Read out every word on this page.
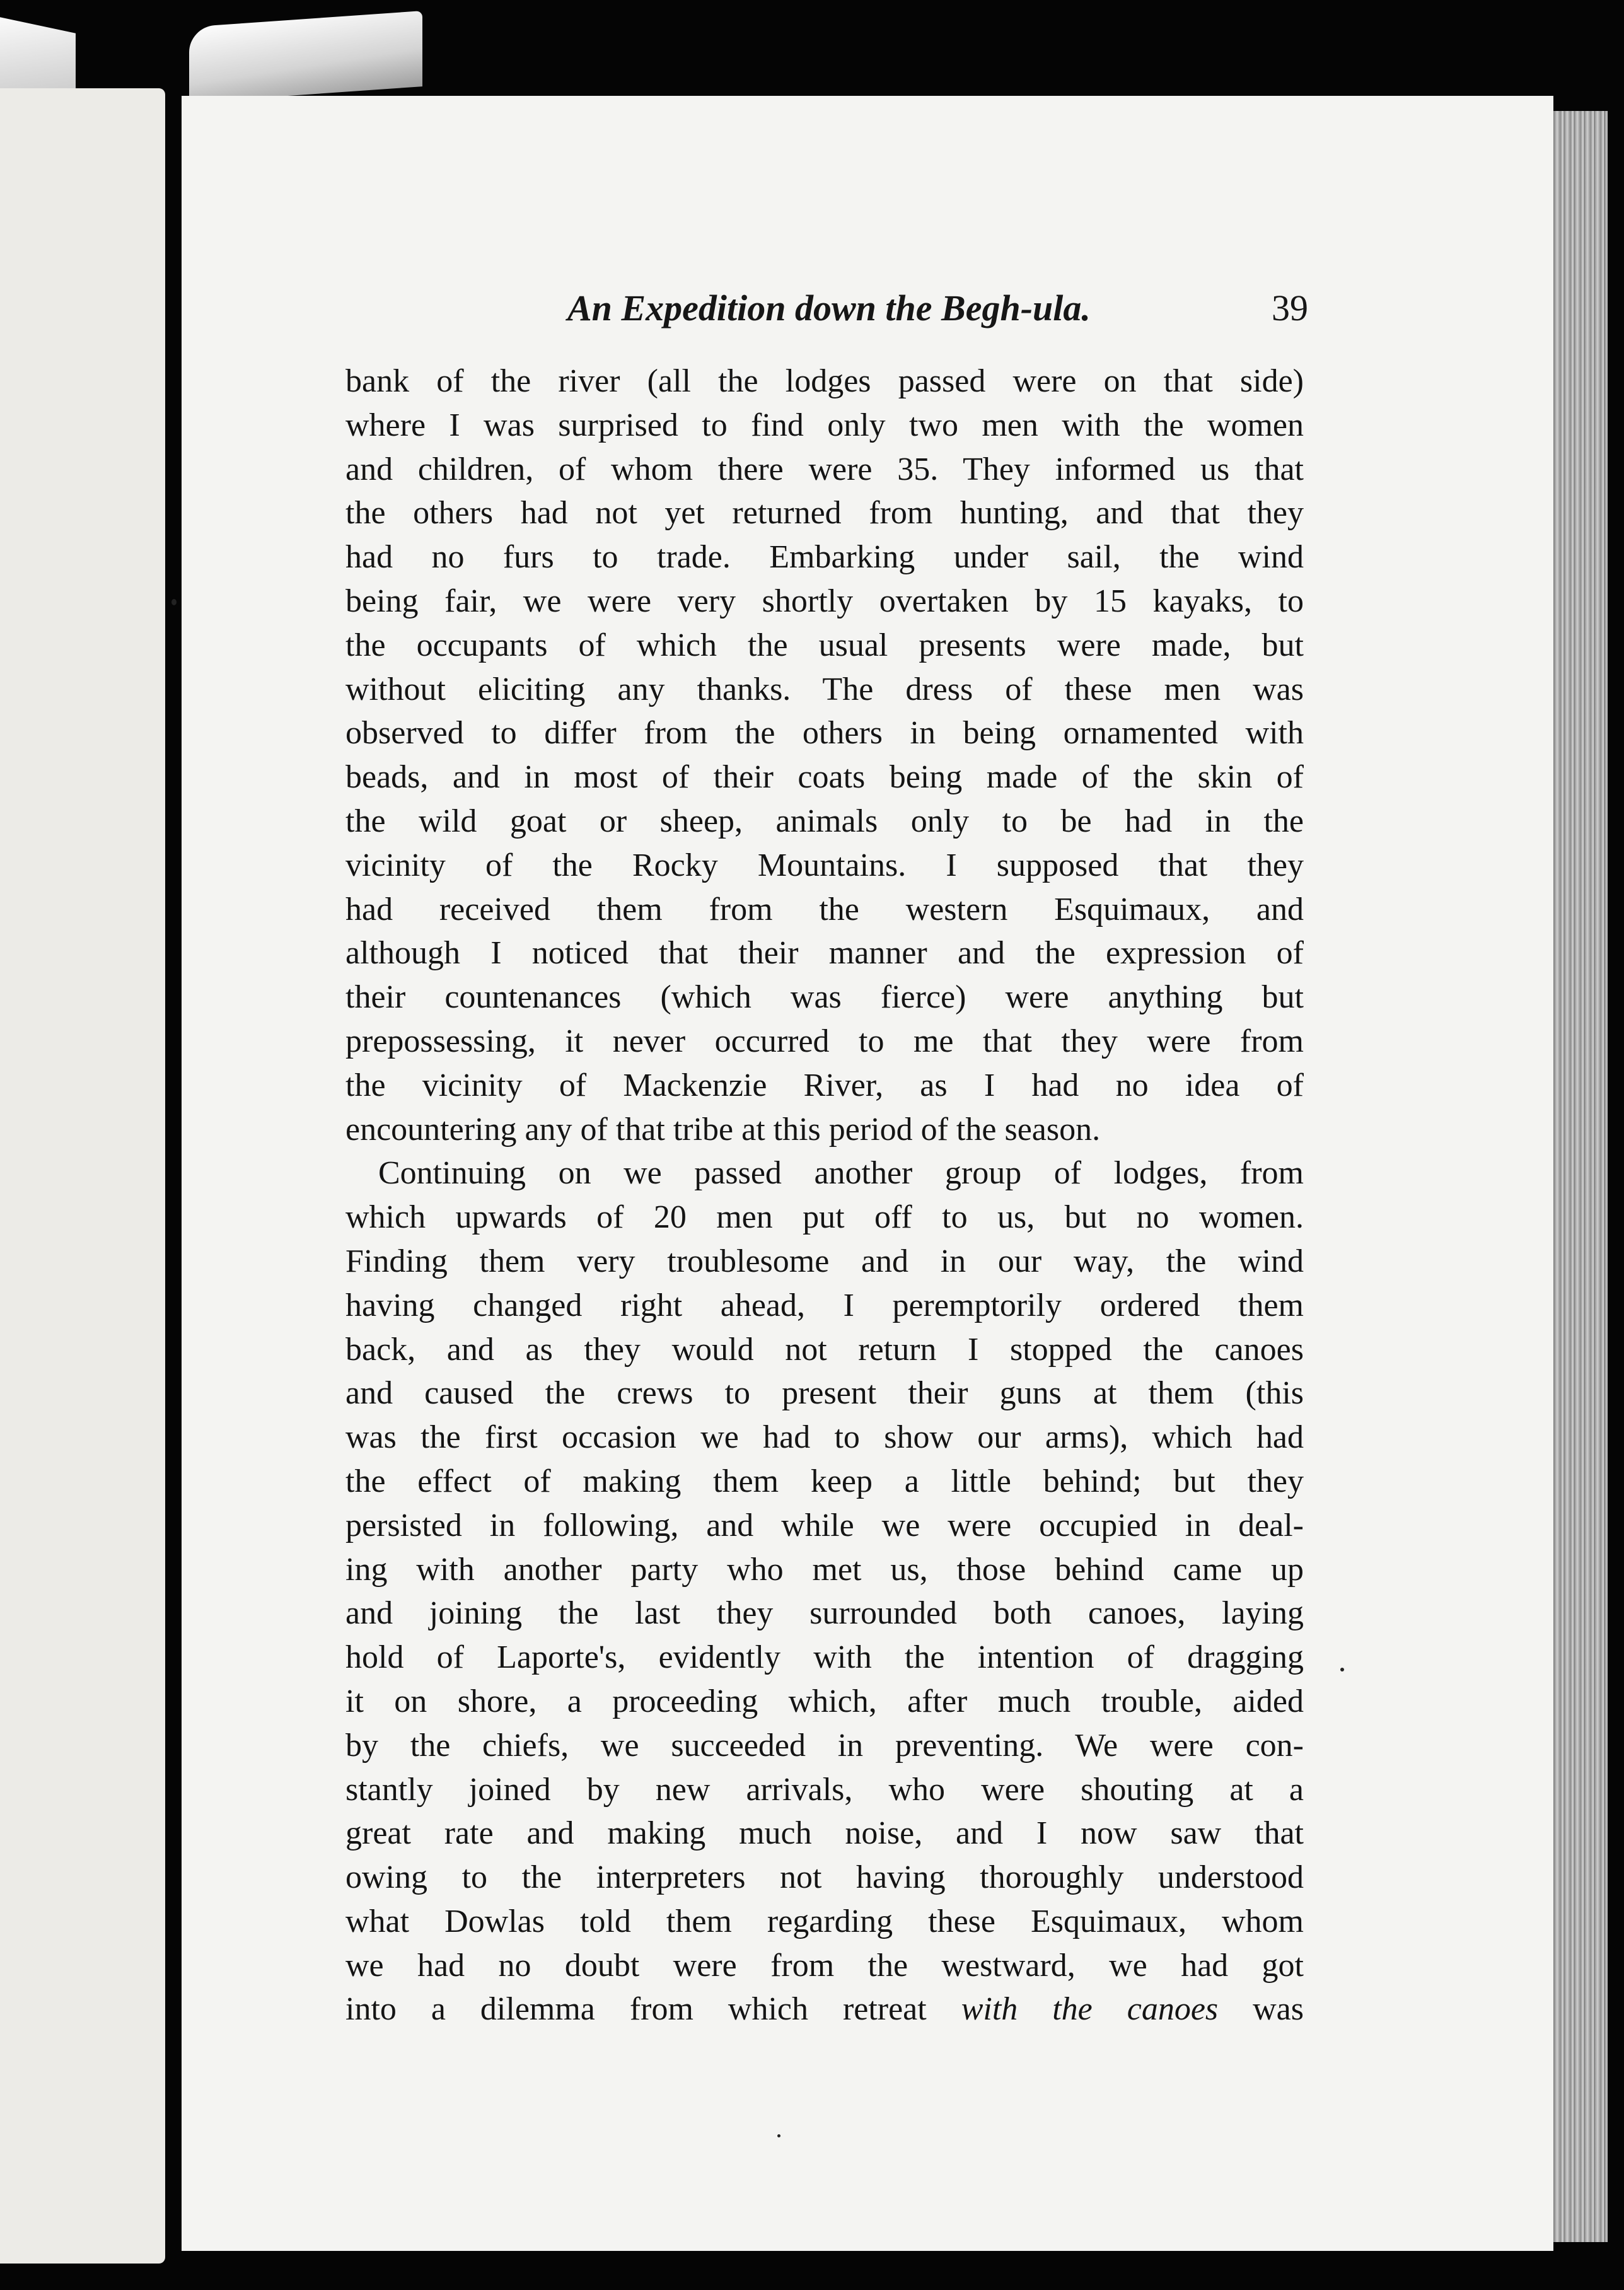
An Expedition down the Begh-ula.	39
bank of the river (all the lodges passed were on that side)
where I was surprised to find only two men with the women
and children, of whom there were 35. They informed us that
the others had not yet returned from hunting, and that they
had no furs to trade. Embarking under sail, the wind
being fair, we were very shortly overtaken by 15 kayaks, to
the occupants of which the usual presents were made, but
without eliciting any thanks. The dress of these men was
observed to differ from the others in being ornamented with
beads, and in most of their coats being made of the skin of
the wild goat or sheep, animals only to be had in the
vicinity of the Rocky Mountains. I supposed that they
had received them from the western Esquimaux, and
although I noticed that their manner and the expression of
their countenances (which was fierce) were anything but
prepossessing, it never occurred to me that they were from
the vicinity of Mackenzie River, as I had no idea of
encountering any of that tribe at this period of the season.
Continuing on we passed another group of lodges, from
which upwards of 20 men put off to us, but no women.
Finding them very troublesome and in our way, the wind
having changed right ahead, I peremptorily ordered them
back, and as they would not return I stopped the canoes
and caused the crews to present their guns at them (this
was the first occasion we had to show our arms), which had
the effect of making them keep a little behind; but they
persisted in following, and while we were occupied in deal-
ing with another party who met us, those behind came up
and joining the last they surrounded both canoes, laying
hold of Laporte's, evidently with the intention of dragging
it on shore, a proceeding which, after much trouble, aided
by the chiefs, we succeeded in preventing. We were con-
stantly joined by new arrivals, who were shouting at a
great rate and making much noise, and I now saw that
owing to the interpreters not having thoroughly understood
what Dowlas told them regarding these Esquimaux, whom
we had no doubt were from the westward, we had got
into a dilemma from which retreat with the canoes was
